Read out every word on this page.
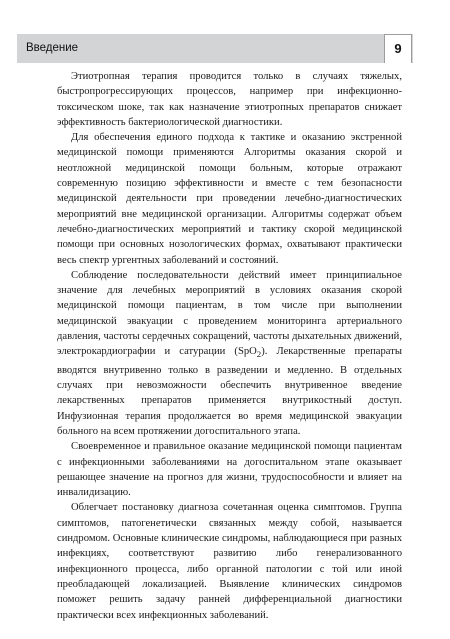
Введение	9

Этиотропная терапия проводится только в случаях тяжелых, быстропрогрессирующих процессов, например при инфекционно-токсическом шоке, так как назначение этиотропных препаратов снижает эффективность бактериологической диагностики.

Для обеспечения единого подхода к тактике и оказанию экстренной медицинской помощи применяются Алгоритмы оказания скорой и неотложной медицинской помощи больным, которые отражают современную позицию эффективности и вместе с тем безопасности медицинской деятельности при проведении лечебно-диагностических мероприятий вне медицинской организации. Алгоритмы содержат объем лечебно-диагностических мероприятий и тактику скорой медицинской помощи при основных нозологических формах, охватывают практически весь спектр ургентных заболеваний и состояний.

Соблюдение последовательности действий имеет принципиальное значение для лечебных мероприятий в условиях оказания скорой медицинской помощи пациентам, в том числе при выполнении медицинской эвакуации с проведением мониторинга артериального давления, частоты сердечных сокращений, частоты дыхательных движений, электрокардиографии и сатурации (SpO$_2$). Лекарственные препараты вводятся внутривенно только в разведении и медленно. В отдельных случаях при невозможности обеспечить внутривенное введение лекарственных препаратов применяется внутрикостный доступ. Инфузионная терапия продолжается во время медицинской эвакуации больного на всем протяжении догоспитального этапа.

Своевременное и правильное оказание медицинской помощи пациентам с инфекционными заболеваниями на догоспитальном этапе оказывает решающее значение на прогноз для жизни, трудоспособности и влияет на инвалидизацию.

Облегчает постановку диагноза сочетанная оценка симптомов. Группа симптомов, патогенетически связанных между собой, называется синдромом. Основные клинические синдромы, наблюдающиеся при разных инфекциях, соответствуют развитию либо генерализованного инфекционного процесса, либо органной патологии с той или иной преобладающей локализацией. Выявление клинических синдромов поможет решить задачу ранней дифференциальной диагностики практически всех инфекционных заболеваний.
